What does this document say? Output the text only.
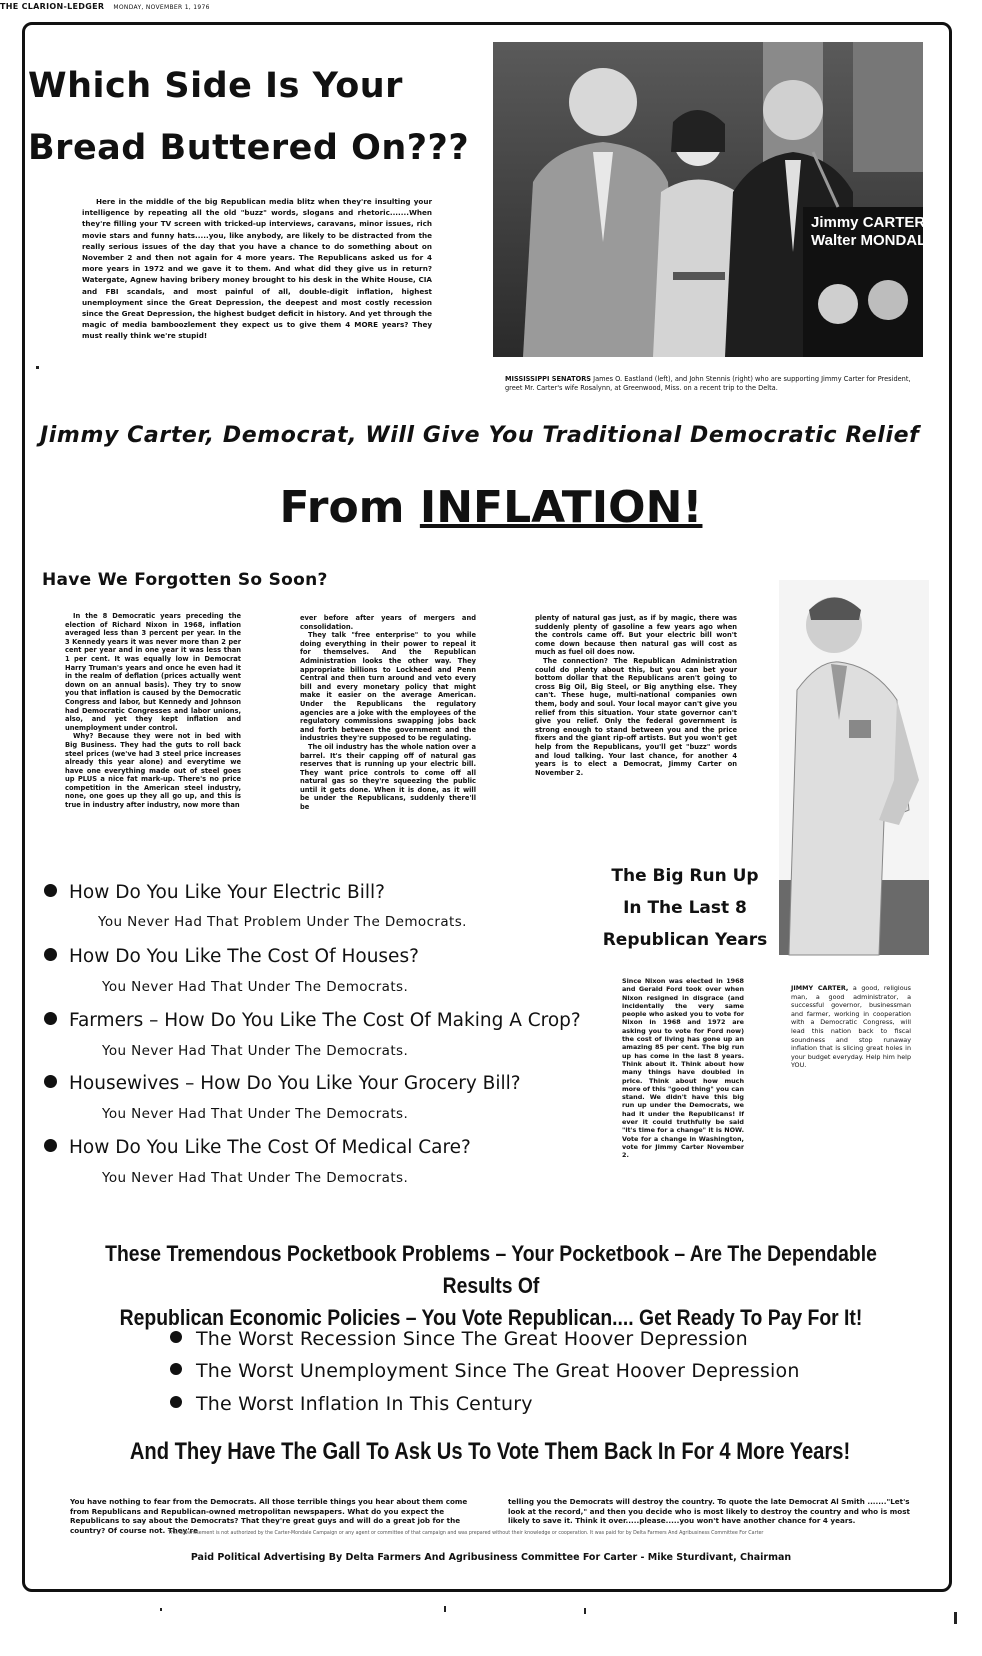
THE CLARION-LEDGER MONDAY, NOVEMBER 1, 1976
Which Side Is Your
Bread Buttered On???
Here in the middle of the big Republican media blitz when they're insulting your intelligence by repeating all the old "buzz" words, slogans and rhetoric.......When they're filling your TV screen with tricked-up interviews, caravans, minor issues, rich movie stars and funny hats.....you, like anybody, are likely to be distracted from the really serious issues of the day that you have a chance to do something about on November 2 and then not again for 4 more years. The Republicans asked us for 4 more years in 1972 and we gave it to them. And what did they give us in return? Watergate, Agnew having bribery money brought to his desk in the White House, CIA and FBI scandals, and most painful of all, double-digit inflation, highest unemployment since the Great Depression, the deepest and most costly recession since the Great Depression, the highest budget deficit in history. And yet through the magic of media bamboozlement they expect us to give them 4 MORE years? They must really think we're stupid!
Jimmy CARTER
Walter MONDALE
MISSISSIPPI SENATORS James O. Eastland (left), and John Stennis (right) who are supporting Jimmy Carter for President, greet Mr. Carter's wife Rosalynn, at Greenwood, Miss. on a recent trip to the Delta.
Jimmy Carter, Democrat, Will Give You Traditional Democratic Relief
From INFLATION!
Have We Forgotten So Soon?

In the 8 Democratic years preceding the election of Richard Nixon in 1968, inflation averaged less than 3 percent per year. In the 3 Kennedy years it was never more than 2 per cent per year and in one year it was less than 1 per cent. It was equally low in Democrat Harry Truman's years and once he even had it in the realm of deflation (prices actually went down on an annual basis). They try to snow you that inflation is caused by the Democratic Congress and labor, but Kennedy and Johnson had Democratic Congresses and labor unions, also, and yet they kept inflation and unemployment under control.

Why? Because they were not in bed with Big Business. They had the guts to roll back steel prices (we've had 3 steel price increases already this year alone) and everytime we have one everything made out of steel goes up PLUS a nice fat mark-up. There's no price competition in the American steel industry, none, one goes up they all go up, and this is true in industry after industry, now more than

ever before after years of mergers and consolidation.

They talk "free enterprise" to you while doing everything in their power to repeal it for themselves. And the Republican Administration looks the other way. They appropriate billions to Lockheed and Penn Central and then turn around and veto every bill and every monetary policy that might make it easier on the average American. Under the Republicans the regulatory agencies are a joke with the employees of the regulatory commissions swapping jobs back and forth between the government and the industries they're supposed to be regulating.

The oil industry has the whole nation over a barrel. It's their capping off of natural gas reserves that is running up your electric bill. They want price controls to come off all natural gas so they're squeezing the public until it gets done. When it is done, as it will be under the Republicans, suddenly there'll be

plenty of natural gas just, as if by magic, there was suddenly plenty of gasoline a few years ago when the controls came off. But your electric bill won't come down because then natural gas will cost as much as fuel oil does now.

The connection? The Republican Administration could do plenty about this, but you can bet your bottom dollar that the Republicans aren't going to cross Big Oil, Big Steel, or Big anything else. They can't. These huge, multi-national companies own them, body and soul. Your local mayor can't give you relief from this situation. Your state governor can't give you relief. Only the federal government is strong enough to stand between you and the price fixers and the giant rip-off artists. But you won't get help from the Republicans, you'll get "buzz" words and loud talking. Your last chance, for another 4 years is to elect a Democrat, Jimmy Carter on November 2.

JIMMY CARTER, a good, religious man, a good administrator, a successful governor, businessman and farmer, working in cooperation with a Democratic Congress, will lead this nation back to fiscal soundness and stop runaway inflation that is slicing great holes in your budget everyday. Help him help YOU.
The Big Run Up
In The Last 8
Republican Years
Since Nixon was elected in 1968 and Gerald Ford took over when Nixon resigned in disgrace (and incidentally the very same people who asked you to vote for Nixon in 1968 and 1972 are asking you to vote for Ford now) the cost of living has gone up an amazing 85 per cent. The big run up has come in the last 8 years. Think about it. Think about how many things have doubled in price. Think about how much more of this "good thing" you can stand. We didn't have this big run up under the Democrats, we had it under the Republicans! If ever it could truthfully be said "it's time for a change" it is NOW. Vote for a change in Washington, vote for Jimmy Carter November 2.
How Do You Like Your Electric Bill?
You Never Had That Problem Under The Democrats.
How Do You Like The Cost Of Houses?
You Never Had That Under The Democrats.
Farmers – How Do You Like The Cost Of Making A Crop?
You Never Had That Under The Democrats.
Housewives – How Do You Like Your Grocery Bill?
You Never Had That Under The Democrats.
How Do You Like The Cost Of Medical Care?
You Never Had That Under The Democrats.
These Tremendous Pocketbook Problems – Your Pocketbook – Are The Dependable Results Of
Republican Economic Policies – You Vote Republican.... Get Ready To Pay For It!
The Worst Recession Since The Great Hoover Depression
The Worst Unemployment Since The Great Hoover Depression
The Worst Inflation In This Century
And They Have The Gall To Ask Us To Vote Them Back In For 4 More Years!
You have nothing to fear from the Democrats. All those terrible things you hear about them come from Republicans and Republican-owned metropolitan newspapers. What do you expect the Republicans to say about the Democrats? That they're great guys and will do a great job for the country? Of course not. They're
telling you the Democrats will destroy the country. To quote the late Democrat Al Smith ......."Let's look at the record," and then you decide who is most likely to destroy the country and who is most likely to save it. Think it over.....please.....you won't have another chance for 4 years.
This advertisement is not authorized by the Carter-Mondale Campaign or any agent or committee of that campaign and was prepared without their knowledge or cooperation. It was paid for by Delta Farmers And Agribusiness Committee For Carter
Paid Political Advertising By Delta Farmers And Agribusiness Committee For Carter - Mike Sturdivant, Chairman
